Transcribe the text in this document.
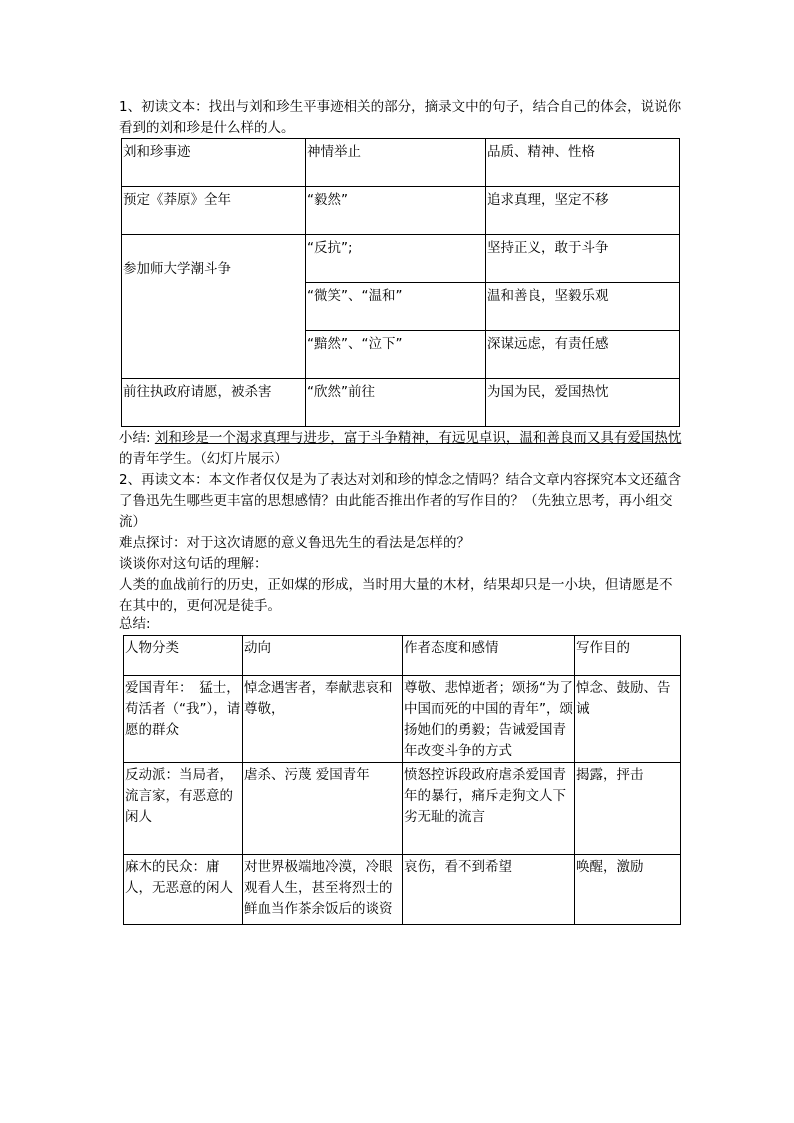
1、初读文本：找出与刘和珍生平事迹相关的部分，摘录文中的句子，结合自己的体会，说说你看到的刘和珍是什么样的人。

刘和珍事迹	神情举止	品质、精神、性格
预定《莽原》全年	“毅然”	追求真理，坚定不移
参加师大学潮斗争	“反抗”;	坚持正义，敢于斗争
	“微笑”、“温和”	温和善良，坚毅乐观
	“黯然”、“泣下”	深谋远虑，有责任感
前往执政府请愿，被杀害	“欣然”前往	为国为民，爱国热忱

小结: 刘和珍是一个渴求真理与进步，富于斗争精神，有远见卓识，温和善良而又具有爱国热忱的青年学生。（幻灯片展示）

2、再读文本：本文作者仅仅是为了表达对刘和珍的悼念之情吗？结合文章内容探究本文还蕴含了鲁迅先生哪些更丰富的思想感情？由此能否推出作者的写作目的？（先独立思考，再小组交流）

难点探讨：对于这次请愿的意义鲁迅先生的看法是怎样的？

谈谈你对这句话的理解：

人类的血战前行的历史，正如煤的形成，当时用大量的木材，结果却只是一小块，但请愿是不在其中的，更何况是徒手。

总结:

人物分类	动向	作者态度和感情	写作目的
爱国青年：　猛士，苟活者（“我”），请愿的群众	悼念遇害者，奉献悲哀和尊敬，	尊敬、悲悼逝者；颂扬“为了中国而死的中国的青年”，颂扬她们的勇毅；告诫爱国青年改变斗争的方式	悼念、鼓励、告诫
反动派：当局者，流言家，有恶意的闲人	虐杀、污蔑 爱国青年	愤怒控诉段政府虐杀爱国青年的暴行，痛斥走狗文人下劣无耻的流言	揭露，抨击
麻木的民众：庸人，无恶意的闲人	对世界极端地冷漠，冷眼观看人生，甚至将烈士的鲜血当作茶余饭后的谈资	哀伤，看不到希望	唤醒，激励
